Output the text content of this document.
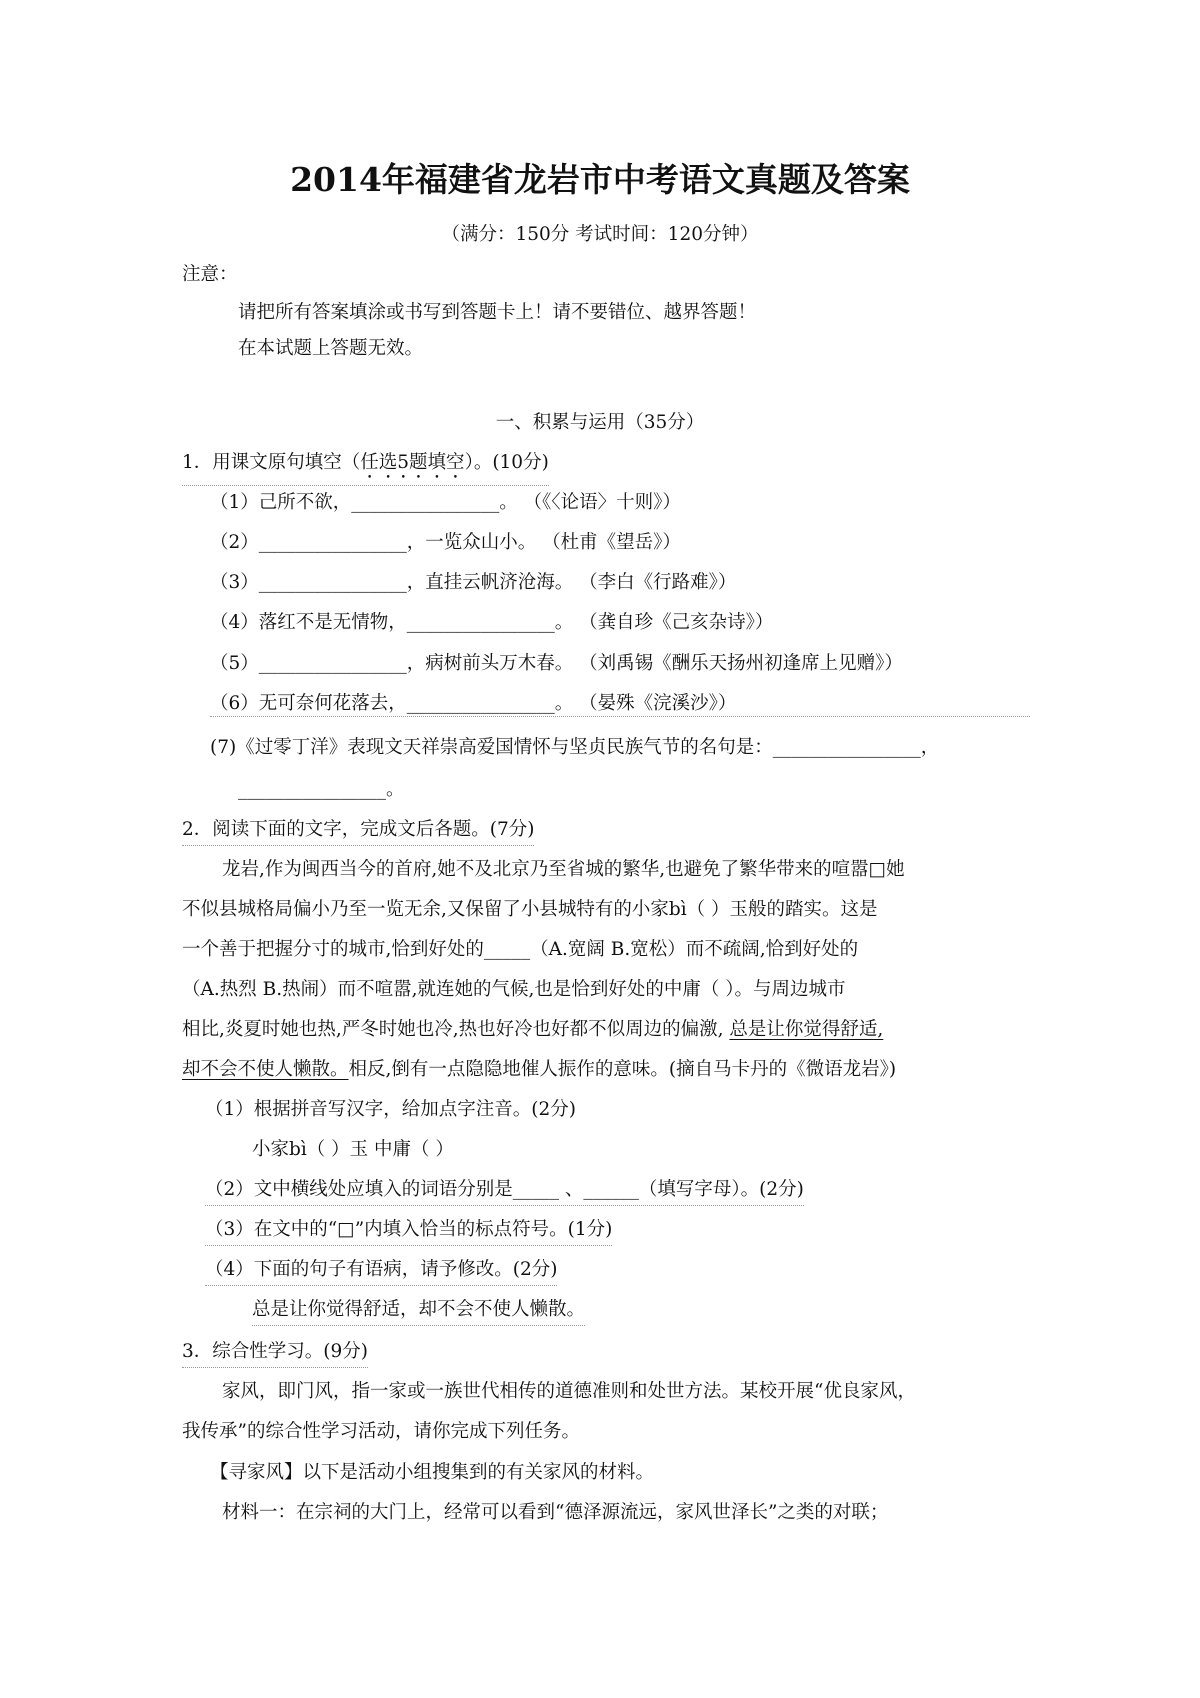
2014年福建省龙岩市中考语文真题及答案
（满分：150分 考试时间：120分钟）
注意：
请把所有答案填涂或书写到答题卡上！请不要错位、越界答题！
在本试题上答题无效。
一、积累与运用（35分）
1．用课文原句填空（任选5题填空）。(10分)
（1）己所不欲，________________。 （《〈论语〉十则》）
（2）________________，一览众山小。 （杜甫《望岳》）
（3）________________，直挂云帆济沧海。 （李白《行路难》）
（4）落红不是无情物，________________。 （龚自珍《己亥杂诗》）
（5）________________，病树前头万木春。 （刘禹锡《酬乐天扬州初逢席上见赠》）
（6）无可奈何花落去，________________。 （晏殊《浣溪沙》）
(7)《过零丁洋》表现文天祥崇高爱国情怀与坚贞民族气节的名句是：________________，
________________。
2．阅读下面的文字，完成文后各题。(7分)
龙岩,作为闽西当今的首府,她不及北京乃至省城的繁华,也避免了繁华带来的喧嚣□她
不似县城格局偏小乃至一览无余,又保留了小县城特有的小家bì（ ）玉般的踏实。这是
一个善于把握分寸的城市,恰到好处的_____（A.宽阔 B.宽松）而不疏阔,恰到好处的
（A.热烈 B.热闹）而不喧嚣,就连她的气候,也是恰到好处的中庸（ ）。与周边城市
相比,炎夏时她也热,严冬时她也冷,热也好冷也好都不似周边的偏激, 总是让你觉得舒适,
却不会不使人懒散。相反,倒有一点隐隐地催人振作的意味。(摘自马卡丹的《微语龙岩》)
（1）根据拼音写汉字，给加点字注音。(2分)
小家bì（ ）玉 中庸（ ）
（2）文中横线处应填入的词语分别是_____ 、______（填写字母）。(2分)
（3）在文中的“□”内填入恰当的标点符号。(1分)
（4）下面的句子有语病，请予修改。(2分)
总是让你觉得舒适，却不会不使人懒散。
3．综合性学习。(9分)
家风，即门风，指一家或一族世代相传的道德准则和处世方法。某校开展“优良家风，
我传承”的综合性学习活动，请你完成下列任务。
【寻家风】以下是活动小组搜集到的有关家风的材料。
材料一：在宗祠的大门上，经常可以看到“德泽源流远，家风世泽长”之类的对联；
